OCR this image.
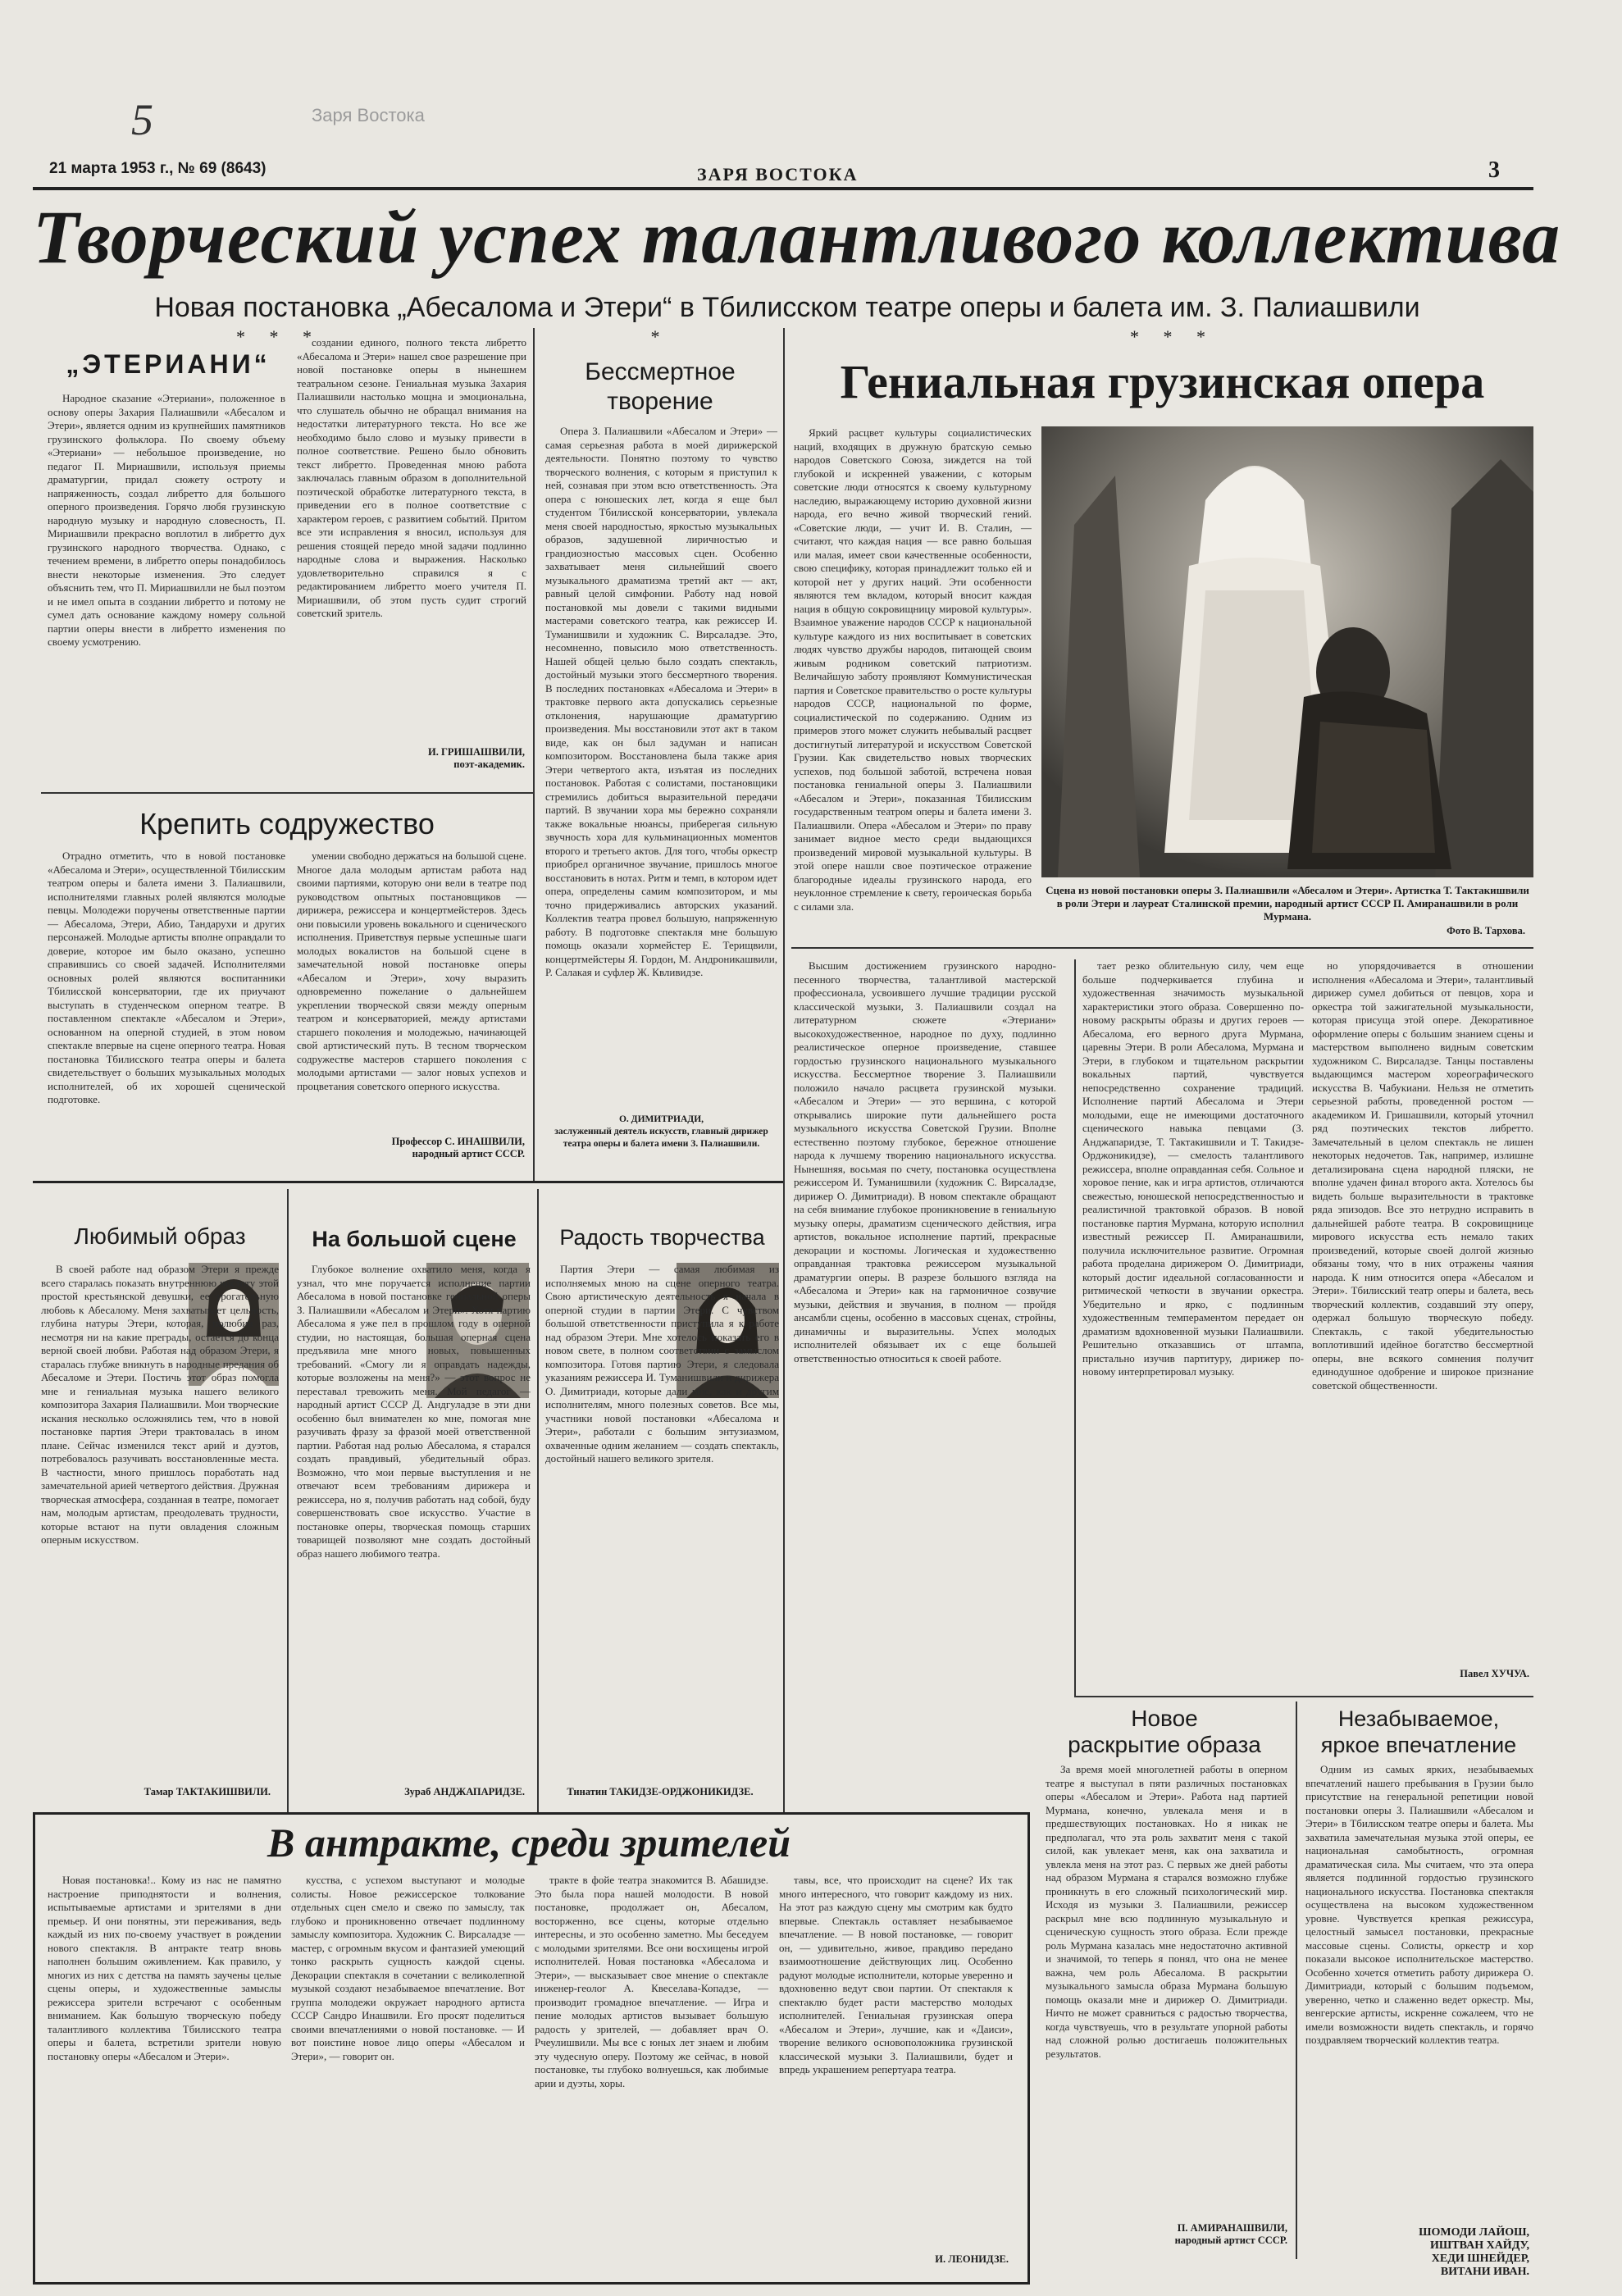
5	Заря Востока
21 марта 1953 г., № 69 (8643)	ЗАРЯ ВОСТОКА	3
Творческий успех талантливого коллектива
Новая постановка „Абесалома и Этери“ в Тбилисском театре оперы и балета им. З. Палиашвили
* * *
„ЭТЕРИАНИ“
Народное сказание «Этериани», положенное в основу оперы Захария Палиашвили «Абесалом и Этери», является одним из крупнейших памятников грузинского фольклора. По своему объему «Этериани» — небольшое произведение, но педагог П. Мириашвили, используя приемы драматургии, придал сюжету остроту и напряженность, создал либретто для большого оперного произведения. Горячо любя грузинскую народную музыку и народную словесность, П. Мириашвили прекрасно воплотил в либретто дух грузинского народного творчества. Однако, с течением времени, в либретто оперы понадобилось внести некоторые изменения. Это следует объяснить тем, что П. Мириашвилли не был поэтом и не имел опыта в создании либретто и потому не сумел дать основание каждому номеру сольной партии оперы внести в либретто изменения по своему усмотрению.
создании единого, полного текста либретто «Абесалома и Этери» нашел свое разрешение при новой постановке оперы в нынешнем театральном сезоне. Гениальная музыка Захария Палиашвили настолько мощна и эмоциональна, что слушатель обычно не обращал внимания на недостатки литературного текста. Но все же необходимо было слово и музыку привести в полное соответствие. Решено было обновить текст либретто. Проведенная мною работа заключалась главным образом в дополнительной поэтической обработке литературного текста, в приведении его в полное соответствие с характером героев, с развитием событий. Притом все эти исправления я вносил, используя для решения стоящей передо мной задачи подлинно народные слова и выражения. Насколько удовлетворительно справился я с редактированием либретто моего учителя П. Мириашвили, об этом пусть судит строгий советский зритель.
И. ГРИШАШВИЛИ,
поэт-академик.
Крепить содружество
Отрадно отметить, что в новой постановке «Абесалома и Этери», осуществленной Тбилисским театром оперы и балета имени З. Палиашвили, исполнителями главных ролей являются молодые певцы. Молодежи поручены ответственные партии — Абесалома, Этери, Абио, Тандарухи и других персонажей. Молодые артисты вполне оправдали то доверие, которое им было оказано, успешно справившись со своей задачей. Исполнителями основных ролей являются воспитанники Тбилисской консерватории, где их приучают выступать в студенческом оперном театре. В поставленном спектакле «Абесалом и Этери», основанном на оперной студией, в этом новом спектакле впервые на сцене оперного театра. Новая постановка Тбилисского театра оперы и балета свидетельствует о больших музыкальных молодых исполнителей, об их хорошей сценической подготовке.
умении свободно держаться на большой сцене. Многое дала молодым артистам работа над своими партиями, которую они вели в театре под руководством опытных постановщиков — дирижера, режиссера и концертмейстеров. Здесь они повысили уровень вокального и сценического исполнения. Приветствуя первые успешные шаги молодых вокалистов на большой сцене в замечательной новой постановке оперы «Абесалом и Этери», хочу выразить одновременно пожелание о дальнейшем укреплении творческой связи между оперным театром и консерваторией, между артистами старшего поколения и молодежью, начинающей свой артистический путь. В тесном творческом содружестве мастеров старшего поколения с молодыми артистами — залог новых успехов и процветания советского оперного искусства.
Профессор С. ИНАШВИЛИ,
народный артист СССР.
*
Бессмертное
творение
Опера З. Палиашвили «Абесалом и Этери» — самая серьезная работа в моей дирижерской деятельности. Понятно поэтому то чувство творческого волнения, с которым я приступил к ней, сознавая при этом всю ответственность. Эта опера с юношеских лет, когда я еще был студентом Тбилисской консерватории, увлекала меня своей народностью, яркостью музыкальных образов, задушевной лиричностью и грандиозностью массовых сцен. Особенно захватывает меня сильнейший своего музыкального драматизма третий акт — акт, равный целой симфонии. Работу над новой постановкой мы довели с такими видными мастерами советского театра, как режиссер И. Туманишвили и художник С. Вирсаладзе. Это, несомненно, повысило мою ответственность. Нашей общей целью было создать спектакль, достойный музыки этого бессмертного творения. В последних постановках «Абесалома и Этери» в трактовке первого акта допускались серьезные отклонения, нарушающие драматургию произведения. Мы восстановили этот акт в таком виде, как он был задуман и написан композитором. Восстановлена была также ария Этери четвертого акта, изъятая из последних постановок. Работая с солистами, постановщики стремились добиться выразительной передачи партий. В звучании хора мы бережно сохраняли также вокальные нюансы, приберегая сильную звучность хора для кульминационных моментов второго и третьего актов. Для того, чтобы оркестр приобрел органичное звучание, пришлось многое восстановить в нотах. Ритм и темп, в котором идет опера, определены самим композитором, и мы точно придерживались авторских указаний. Коллектив театра провел большую, напряженную работу. В подготовке спектакля мне большую помощь оказали хормейстер Е. Терищвили, концертмейстеры Я. Гордон, М. Андроникашвили, Р. Салакая и суфлер Ж. Квливидзе.
О. ДИМИТРИАДИ,
заслуженный деятель искусств, главный дирижер театра оперы и балета имени З. Палиашвили.
* * *
Гениальная грузинская опера
Яркий расцвет культуры социалистических наций, входящих в дружную братскую семью народов Советского Союза, зиждется на той глубокой и искренней уважении, с которым советские люди относятся к своему культурному наследию, выражающему историю духовной жизни народа, его вечно живой творческий гений. «Советские люди, — учит И. В. Сталин, — считают, что каждая нация — все равно большая или малая, имеет свои качественные особенности, свою специфику, которая принадлежит только ей и которой нет у других наций. Эти особенности являются тем вкладом, который вносит каждая нация в общую сокровищницу мировой культуры». Взаимное уважение народов СССР к национальной культуре каждого из них воспитывает в советских людях чувство дружбы народов, питающей своим живым родником советский патриотизм. Величайшую заботу проявляют Коммунистическая партия и Советское правительство о росте культуры народов СССР, национальной по форме, социалистической по содержанию. Одним из примеров этого может служить небывалый расцвет достигнутый литературой и искусством Советской Грузии. Как свидетельство новых творческих успехов, под большой заботой, встречена новая постановка гениальной оперы З. Палиашвили «Абесалом и Этери», показанная Тбилисским государственным театром оперы и балета имени З. Палиашвили. Опера «Абесалом и Этери» по праву занимает видное место среди выдающихся произведений мировой музыкальной культуры. В этой опере нашли свое поэтическое отражение благородные идеалы грузинского народа, его неуклонное стремление к свету, героическая борьба с силами зла.
Высшим достижением грузинского народно-песенного творчества, талантливой мастерской профессионала, усвоившего лучшие традиции русской классической музыки, З. Палиашвили создал на литературном сюжете «Этериани» высокохудожественное, народное по духу, подлинно реалистическое оперное произведение, ставшее гордостью грузинского национального музыкального искусства. Бессмертное творение З. Палиашвили положило начало расцвета грузинской музыки. «Абесалом и Этери» — это вершина, с которой открывались широкие пути дальнейшего роста музыкального искусства Советской Грузии. Вполне естественно поэтому глубокое, бережное отношение народа к лучшему творению национального искусства. Нынешняя, восьмая по счету, постановка осуществлена режиссером И. Туманишвили (художник С. Вирсаладзе, дирижер О. Димитриади). В новом спектакле обращают на себя внимание глубокое проникновение в гениальную музыку оперы, драматизм сценического действия, игра артистов, вокальное исполнение партий, прекрасные декорации и костюмы. Логическая и художественно оправданная трактовка режиссером музыкальной драматургии оперы. В разрезе большого взгляда на «Абесалома и Этери» как на гармоничное созвучие музыки, действия и звучания, в полном — пройдя ансамбли сцены, особенно в массовых сценах, стройны, динамичны и выразительны. Успех молодых исполнителей обязывает их с еще большей ответственностью относиться к своей работе.
тает резко облительную силу, чем еще больше подчеркивается глубина и художественная значимость музыкальной характеристики этого образа. Совершенно по-новому раскрыты образы и других героев — Абесалома, его верного друга Мурмана, царевны Этери. В роли Абесалома, Мурмана и Этери, в глубоком и тщательном раскрытии вокальных партий, чувствуется непосредственно сохранение традиций. Исполнение партий Абесалома и Этери молодыми, еще не имеющими достаточного сценического навыка певцами (З. Анджапаридзе, Т. Тактакишвили и Т. Такидзе-Орджоникидзе), — смелость талантливого режиссера, вполне оправданная себя. Сольное и хоровое пение, как и игра артистов, отличаются свежестью, юношеской непосредственностью и реалистичной трактовкой образов. В новой постановке партия Мурмана, которую исполнил известный режиссер П. Амиранашвили, получила исключительное развитие. Огромная работа проделана дирижером О. Димитриади, который достиг идеальной согласованности и ритмической четкости в звучании оркестра. Убедительно и ярко, с подлинным художественным темпераментом передает он драматизм вдохновенной музыки Палиашвили. Решительно отказавшись от штампа, пристально изучив партитуру, дирижер по-новому интерпретировал музыку.
но упорядочивается в отношении исполнения «Абесалома и Этери», талантливый дирижер сумел добиться от певцов, хора и оркестра той зажигательной музыкальности, которая присуща этой опере. Декоративное оформление оперы с большим знанием сцены и мастерством выполнено видным советским художником С. Вирсаладзе. Танцы поставлены выдающимся мастером хореографического искусства В. Чабукиани. Нельзя не отметить серьезной работы, проведенной ростом — академиком И. Гришашвили, который уточнил ряд поэтических текстов либретто. Замечательный в целом спектакль не лишен некоторых недочетов. Так, например, излишне детализирована сцена народной пляски, не вполне удачен финал второго акта. Хотелось бы видеть больше выразительности в трактовке ряда эпизодов. Все это нетрудно исправить в дальнейшей работе театра. В сокровищнице мирового искусства есть немало таких произведений, которые своей долгой жизнью обязаны тому, что в них отражены чаяния народа. К ним относится опера «Абесалом и Этери». Тбилисский театр оперы и балета, весь творческий коллектив, создавший эту оперу, одержал большую творческую победу. Спектакль, с такой убедительностью воплотивший идейное богатство бессмертной оперы, вне всякого сомнения получит единодушное одобрение и широкое признание советской общественности.
Павел ХУЧУА.
Сцена из новой постановки оперы З. Палиашвили «Абесалом и Этери». Артистка Т. Тактакишвили в роли Этери и лауреат Сталинской премии, народный артист СССР П. Амиранашвили в роли Мурмана.
Фото В. Тархова.
Любимый образ
В своей работе над образом Этери я прежде всего старалась показать внутреннюю чистоту этой простой крестьянской девушки, ее трогательную любовь к Абесалому. Меня захватывает цельность, глубина натуры Этери, которая, полюбив раз, несмотря ни на какие преграды, остается до конца верной своей любви. Работая над образом Этери, я старалась глубже вникнуть в народные предания об Абесаломе и Этери. Постичь этот образ помогла мне и гениальная музыка нашего великого композитора Захария Палиашвили. Мои творческие искания несколько осложнялись тем, что в новой постановке партия Этери трактовалась в ином плане. Сейчас изменился текст арий и дуэтов, потребовалось разучивать восстановленные места. В частности, много пришлось поработать над замечательной арией четвертого действия. Дружная творческая атмосфера, созданная в театре, помогает нам, молодым артистам, преодолевать трудности, которые встают на пути овладения сложным оперным искусством.
Тамар ТАКТАКИШВИЛИ.
На большой сцене
Глубокое волнение охватило меня, когда я узнал, что мне поручается исполнение партии Абесалома в новой постановке гениальной оперы З. Палиашвили «Абесалом и Этери». Хотя партию Абесалома я уже пел в прошлом году в оперной студии, но настоящая, большая оперная сцена предъявила мне много новых, повышенных требований. «Смогу ли я оправдать надежды, которые возложены на меня?» — этот вопрос не переставал тревожить меня. Мой педагог — народный артист СССР Д. Андгуладзе в эти дни особенно был внимателен ко мне, помогая мне разучивать фразу за фразой моей ответственной партии. Работая над ролью Абесалома, я старался создать правдивый, убедительный образ. Возможно, что мои первые выступления и не отвечают всем требованиям дирижера и режиссера, но я, получив работать над собой, буду совершенствовать свое искусство. Участие в постановке оперы, творческая помощь старших товарищей позволяют мне создать достойный образ нашего любимого театра.
Зураб АНДЖАПАРИДЗЕ.
Радость творчества
Партия Этери — самая любимая из исполняемых мною на сцене оперного театра. Свою артистическую деятельность я начала в оперной студии в партии Этери. С чувством большой ответственности приступила я к работе над образом Этери. Мне хотелось показать его в новом свете, в полном соответствии с замыслом композитора. Готовя партию Этери, я следовала указаниям режиссера И. Туманишвили и дирижера О. Димитриади, которые дали мне, как и другим исполнителям, много полезных советов. Все мы, участники новой постановки «Абесалома и Этери», работали с большим энтузиазмом, охваченные одним желанием — создать спектакль, достойный нашего великого зрителя.
Тинатин ТАКИДЗЕ-ОРДЖОНИКИДЗЕ.
Новое
раскрытие образа
За время моей многолетней работы в оперном театре я выступал в пяти различных постановках оперы «Абесалом и Этери». Работа над партией Мурмана, конечно, увлекала меня и в предшествующих постановках. Но я никак не предполагал, что эта роль захватит меня с такой силой, как увлекает меня, как она захватила и увлекла меня на этот раз. С первых же дней работы над образом Мурмана я старался возможно глубже проникнуть в его сложный психологический мир. Исходя из музыки З. Палиашвили, режиссер раскрыл мне всю подлинную музыкальную и сценическую сущность этого образа. Если прежде роль Мурмана казалась мне недостаточно активной и значимой, то теперь я понял, что она не менее важна, чем роль Абесалома. В раскрытии музыкального замысла образа Мурмана большую помощь оказали мне и дирижер О. Димитриади. Ничто не может сравниться с радостью творчества, когда чувствуешь, что в результате упорной работы над сложной ролью достигаешь положительных результатов.
П. АМИРАНАШВИЛИ,
народный артист СССР.
Незабываемое,
яркое впечатление
Одним из самых ярких, незабываемых впечатлений нашего пребывания в Грузии было присутствие на генеральной репетиции новой постановки оперы З. Палиашвили «Абесалом и Этери» в Тбилисском театре оперы и балета. Мы захватила замечательная музыка этой оперы, ее национальная самобытность, огромная драматическая сила. Мы считаем, что эта опера является подлинной гордостью грузинского национального искусства. Постановка спектакля осуществлена на высоком художественном уровне. Чувствуется крепкая режиссура, целостный замысел постановки, прекрасные массовые сцены. Солисты, оркестр и хор показали высокое исполнительское мастерство. Особенно хочется отметить работу дирижера О. Димитриади, который с большим подъемом, уверенно, четко и слаженно ведет оркестр. Мы, венгерские артисты, искренне сожалеем, что не имели возможности видеть спектакль, и горячо поздравляем творческий коллектив театра.
ШОМОДИ ЛАЙОШ,
ИШТВАН ХАЙДУ,
ХЕДИ ШНЕЙДЕР,
ВИТАНИ ИВАН.
В антракте, среди зрителей
Новая постановка!.. Кому из нас не памятно настроение приподнятости и волнения, испытываемые артистами и зрителями в дни премьер. И они понятны, эти переживания, ведь каждый из них по-своему участвует в рождении нового спектакля. В антракте театр вновь наполнен большим оживлением. Как правило, у многих из них с детства на память заучены целые сцены оперы, и художественные замыслы режиссера зрители встречают с особенным вниманием. Как большую творческую победу талантливого коллектива Тбилисского театра оперы и балета, встретили зрители новую постановку оперы «Абесалом и Этери».
кусства, с успехом выступают и молодые солисты. Новое режиссерское толкование отдельных сцен смело и свежо по замыслу, так глубоко и проникновенно отвечает подлинному замыслу композитора. Художник С. Вирсаладзе — мастер, с огромным вкусом и фантазией умеющий тонко раскрыть сущность каждой сцены. Декорации спектакля в сочетании с великолепной музыкой создают незабываемое впечатление. Вот группа молодежи окружает народного артиста СССР Сандро Инашвили. Его просят поделиться своими впечатлениями о новой постановке. — И вот поистине новое лицо оперы «Абесалом и Этери», — говорит он.
тракте в фойе театра знакомится В. Абашидзе. Это была пора нашей молодости. В новой постановке, продолжает он, Абесалом, восторженно, все сцены, которые отдельно интересны, и это особенно заметно. Мы беседуем с молодыми зрителями. Все они восхищены игрой исполнителей. Новая постановка «Абесалома и Этери», — высказывает свое мнение о спектакле инженер-геолог А. Квеселава-Копадзе, — производит громадное впечатление. — Игра и пение молодых артистов вызывает большую радость у зрителей, — добавляет врач О. Рчеулишвили. Мы все с юных лет знаем и любим эту чудесную оперу. Поэтому же сейчас, в новой постановке, ты глубоко волнуешься, как любимые арии и дуэты, хоры.
тавы, все, что происходит на сцене? Их так много интересного, что говорит каждому из них. На этот раз каждую сцену мы смотрим как будто впервые. Спектакль оставляет незабываемое впечатление. — В новой постановке, — говорит он, — удивительно, живое, правдиво передано взаимоотношение действующих лиц. Особенно радуют молодые исполнители, которые уверенно и вдохновенно ведут свои партии. От спектакля к спектаклю будет расти мастерство молодых исполнителей. Гениальная грузинская опера «Абесалом и Этери», лучшие, как и «Даиси», творение великого основоположника грузинской классической музыки З. Палиашвили, будет и впредь украшением репертуара театра.
И. ЛЕОНИДЗЕ.
